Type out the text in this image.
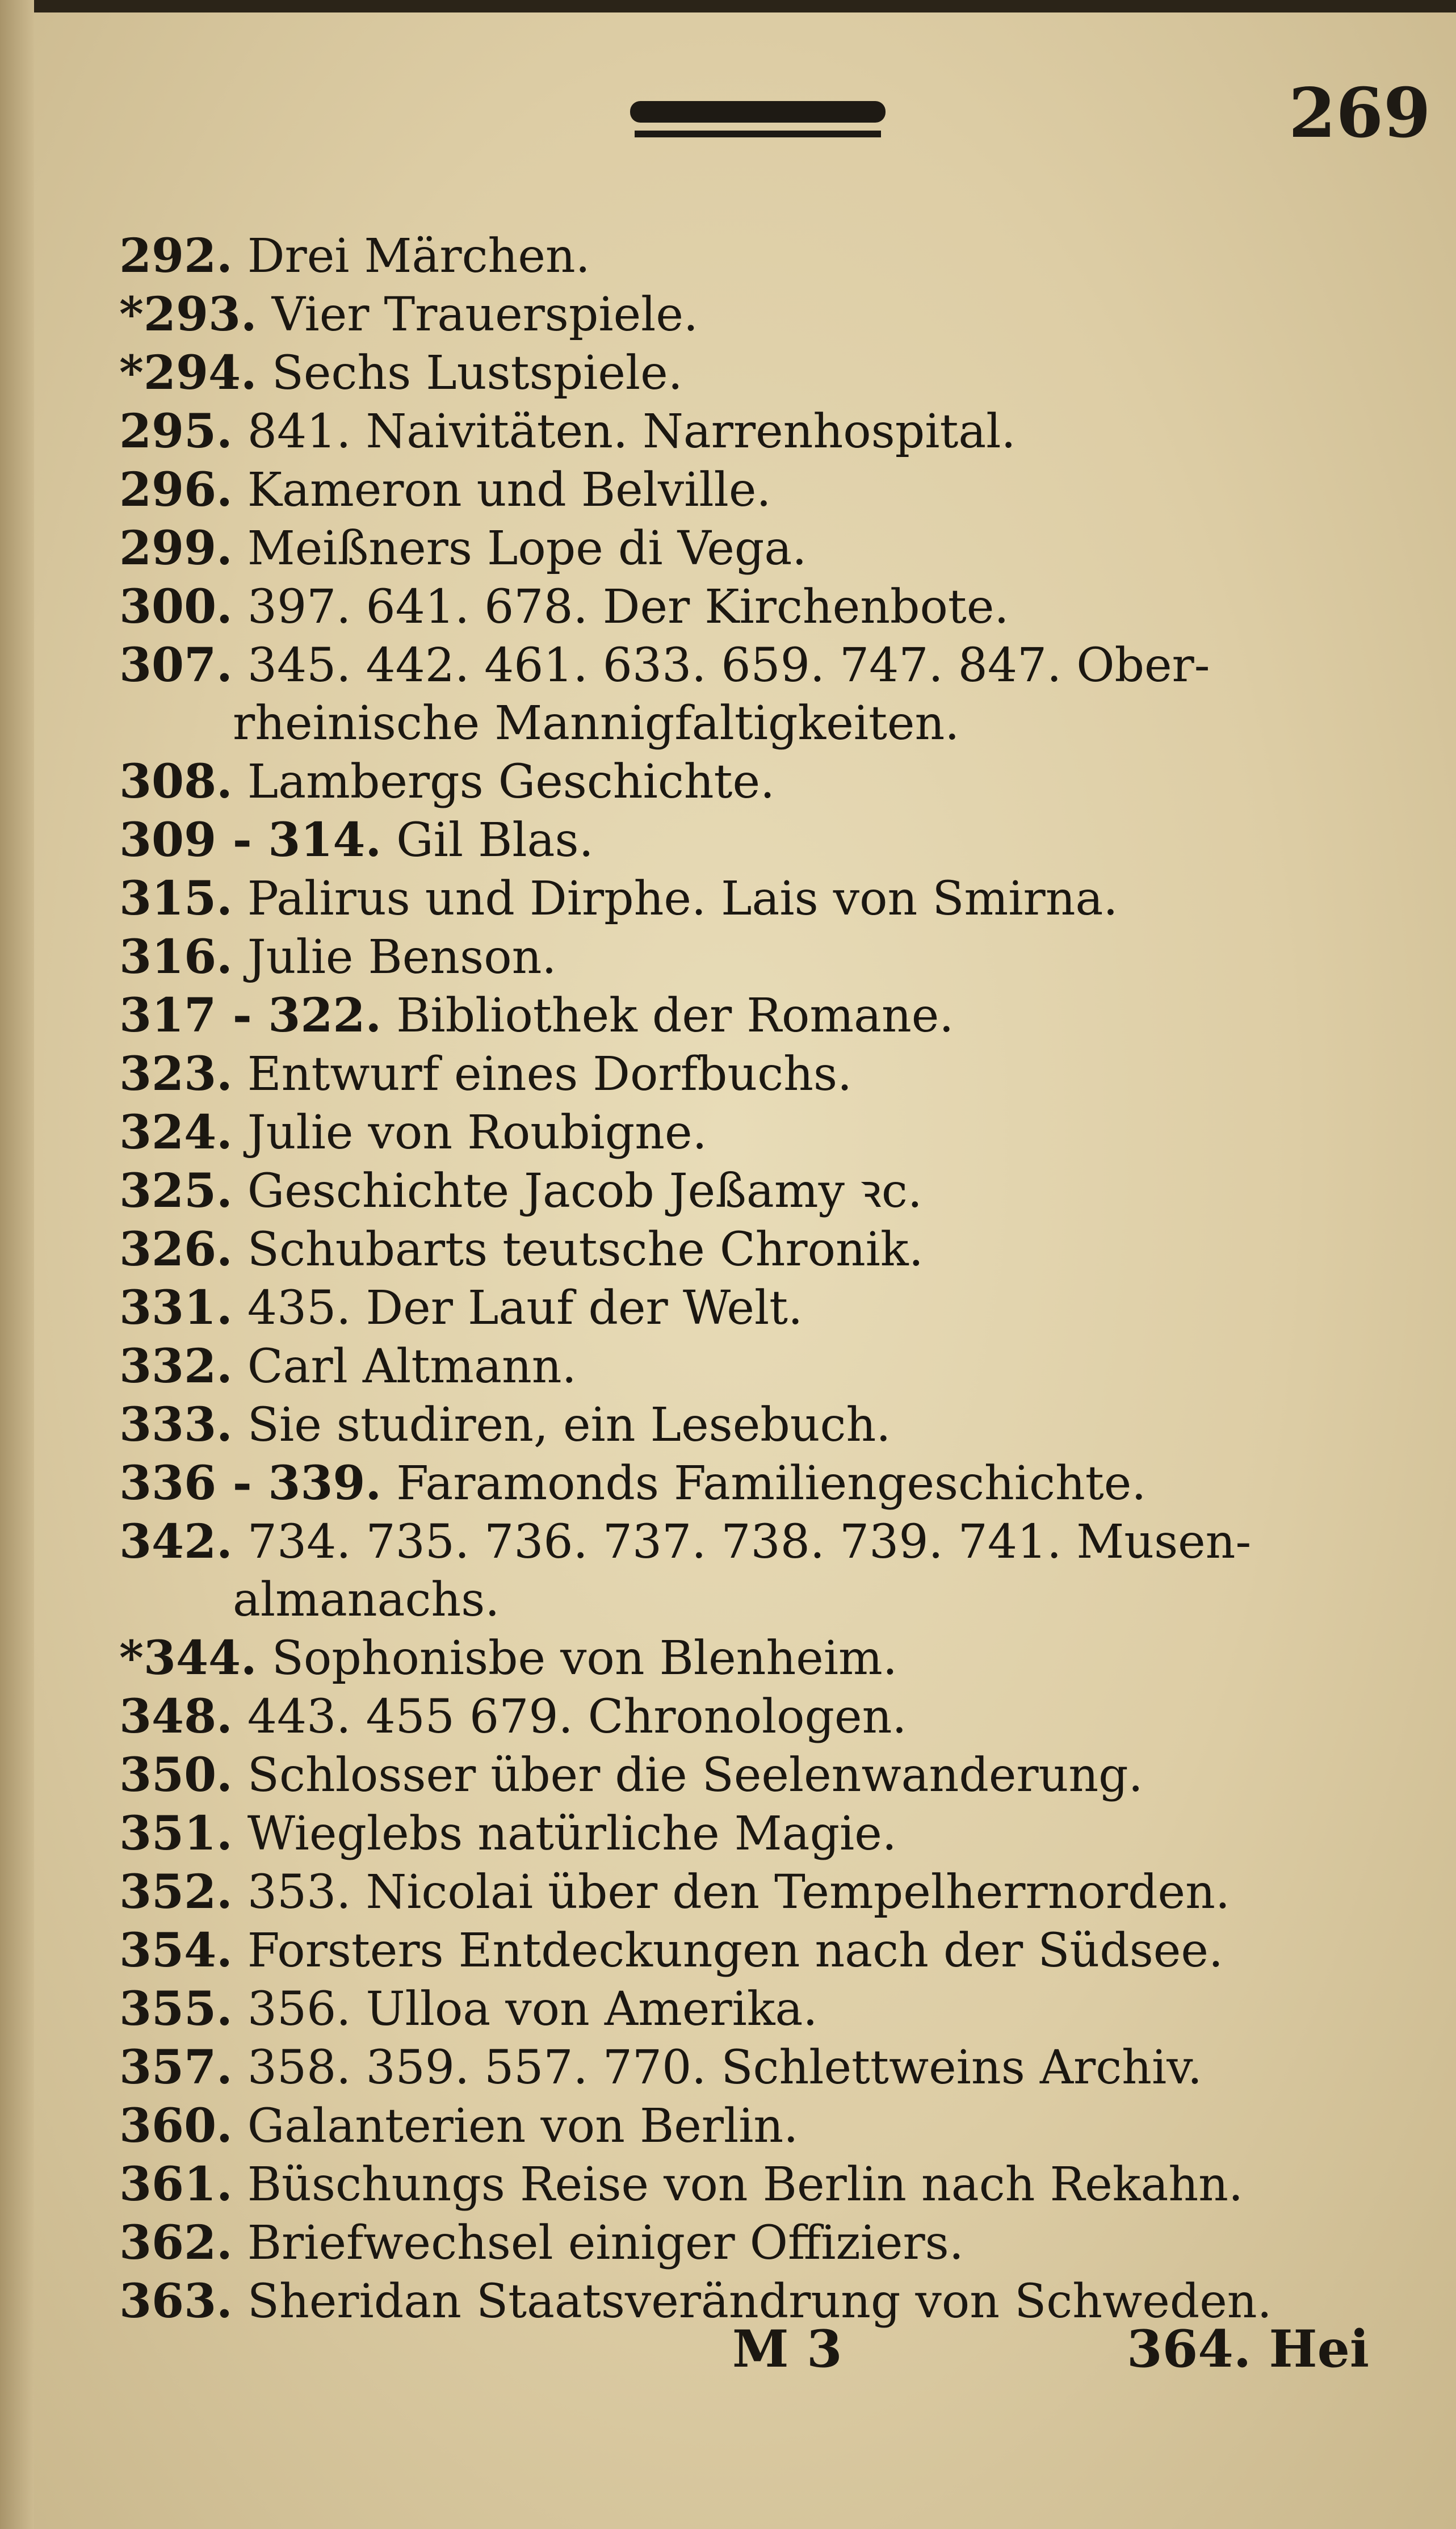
269
292. Drei Märchen.
*293. Vier Trauerspiele.
*294. Sechs Lustspiele.
295. 841. Naivitäten. Narrenhospital.
296. Kameron und Belville.
299. Meißners Lope di Vega.
300. 397. 641. 678. Der Kirchenbote.
307. 345. 442. 461. 633. 659. 747. 847. Ober-
rheinische Mannigfaltigkeiten.
308. Lambergs Geschichte.
309 - 314. Gil Blas.
315. Palirus und Dirphe. Lais von Smirna.
316. Julie Benson.
317 - 322. Bibliothek der Romane.
323. Entwurf eines Dorfbuchs.
324. Julie von Roubigne.
325. Geschichte Jacob Jeßamy ꝛc.
326. Schubarts teutsche Chronik.
331. 435. Der Lauf der Welt.
332. Carl Altmann.
333. Sie studiren, ein Lesebuch.
336 - 339. Faramonds Familiengeschichte.
342. 734. 735. 736. 737. 738. 739. 741. Musen-
almanachs.
*344. Sophonisbe von Blenheim.
348. 443. 455 679. Chronologen.
350. Schlosser über die Seelenwanderung.
351. Wieglebs natürliche Magie.
352. 353. Nicolai über den Tempelherrnorden.
354. Forsters Entdeckungen nach der Südsee.
355. 356. Ulloa von Amerika.
357. 358. 359. 557. 770. Schlettweins Archiv.
360. Galanterien von Berlin.
361. Büschungs Reise von Berlin nach Rekahn.
362. Briefwechsel einiger Offiziers.
363. Sheridan Staatsverändrung von Schweden.
M 3	364. Hei
